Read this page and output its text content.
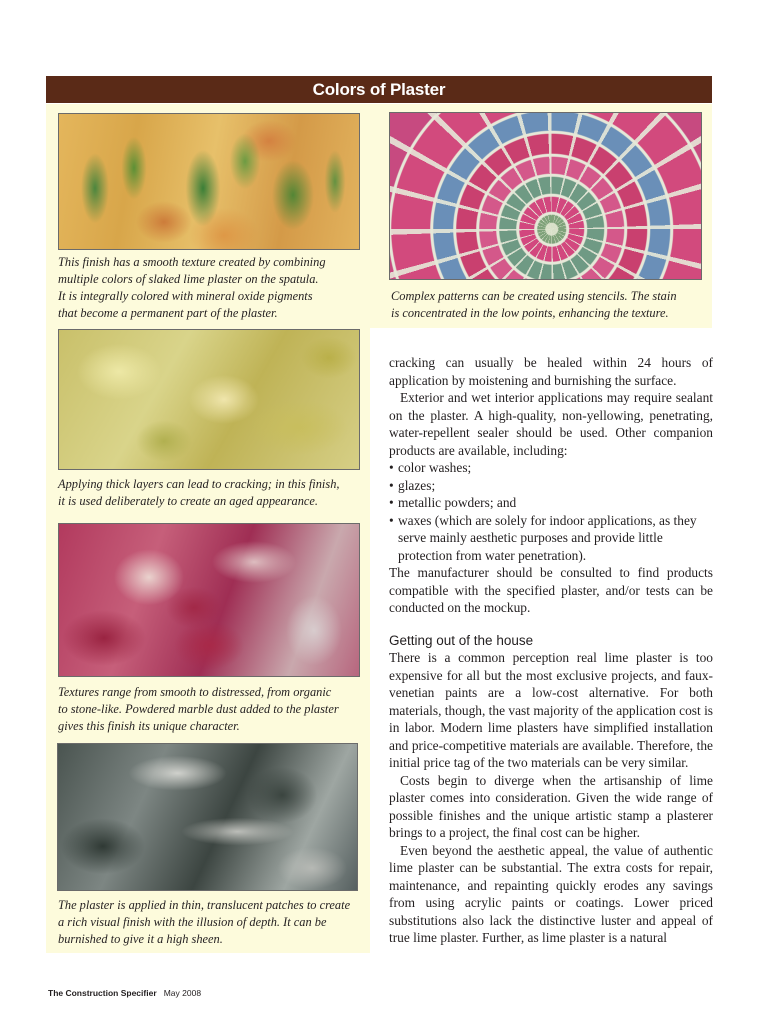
Colors of Plaster
This finish has a smooth texture created by combining
multiple colors of slaked lime plaster on the spatula.
It is integrally colored with mineral oxide pigments
that become a permanent part of the plaster.
Complex patterns can be created using stencils. The stain
is concentrated in the low points, enhancing the texture.
Applying thick layers can lead to cracking; in this finish,
it is used deliberately to create an aged appearance.
Textures range from smooth to distressed, from organic
to stone-like. Powdered marble dust added to the plaster
gives this finish its unique character.
The plaster is applied in thin, translucent patches to create
a rich visual finish with the illusion of depth. It can be
burnished to give it a high sheen.

cracking can usually be healed within 24 hours of application by moistening and burnishing the surface.

Exterior and wet interior applications may require sealant on the plaster. A high-quality, non-yellowing, penetrating, water-repellent sealer should be used. Other companion products are available, including:

• color washes;
• glazes;
• metallic powders; and
• waxes (which are solely for indoor applications, as they serve mainly aesthetic purposes and provide little protection from water penetration).

The manufacturer should be consulted to find products compatible with the specified plaster, and/or tests can be conducted on the mockup.

Getting out of the house

There is a common perception real lime plaster is too expensive for all but the most exclusive projects, and faux-venetian paints are a low-cost alternative. For both materials, though, the vast majority of the application cost is in labor. Modern lime plasters have simplified installation and price-competitive materials are available. Therefore, the initial price tag of the two materials can be very similar.

Costs begin to diverge when the artisanship of lime plaster comes into consideration. Given the wide range of possible finishes and the unique artistic stamp a plasterer brings to a project, the final cost can be higher.

Even beyond the aesthetic appeal, the value of authentic lime plaster can be substantial. The extra costs for repair, maintenance, and repainting quickly erodes any savings from using acrylic paints or coatings. Lower priced substitutions also lack the distinctive luster and appeal of true lime plaster. Further, as lime plaster is a natural

The Construction Specifier May 2008
